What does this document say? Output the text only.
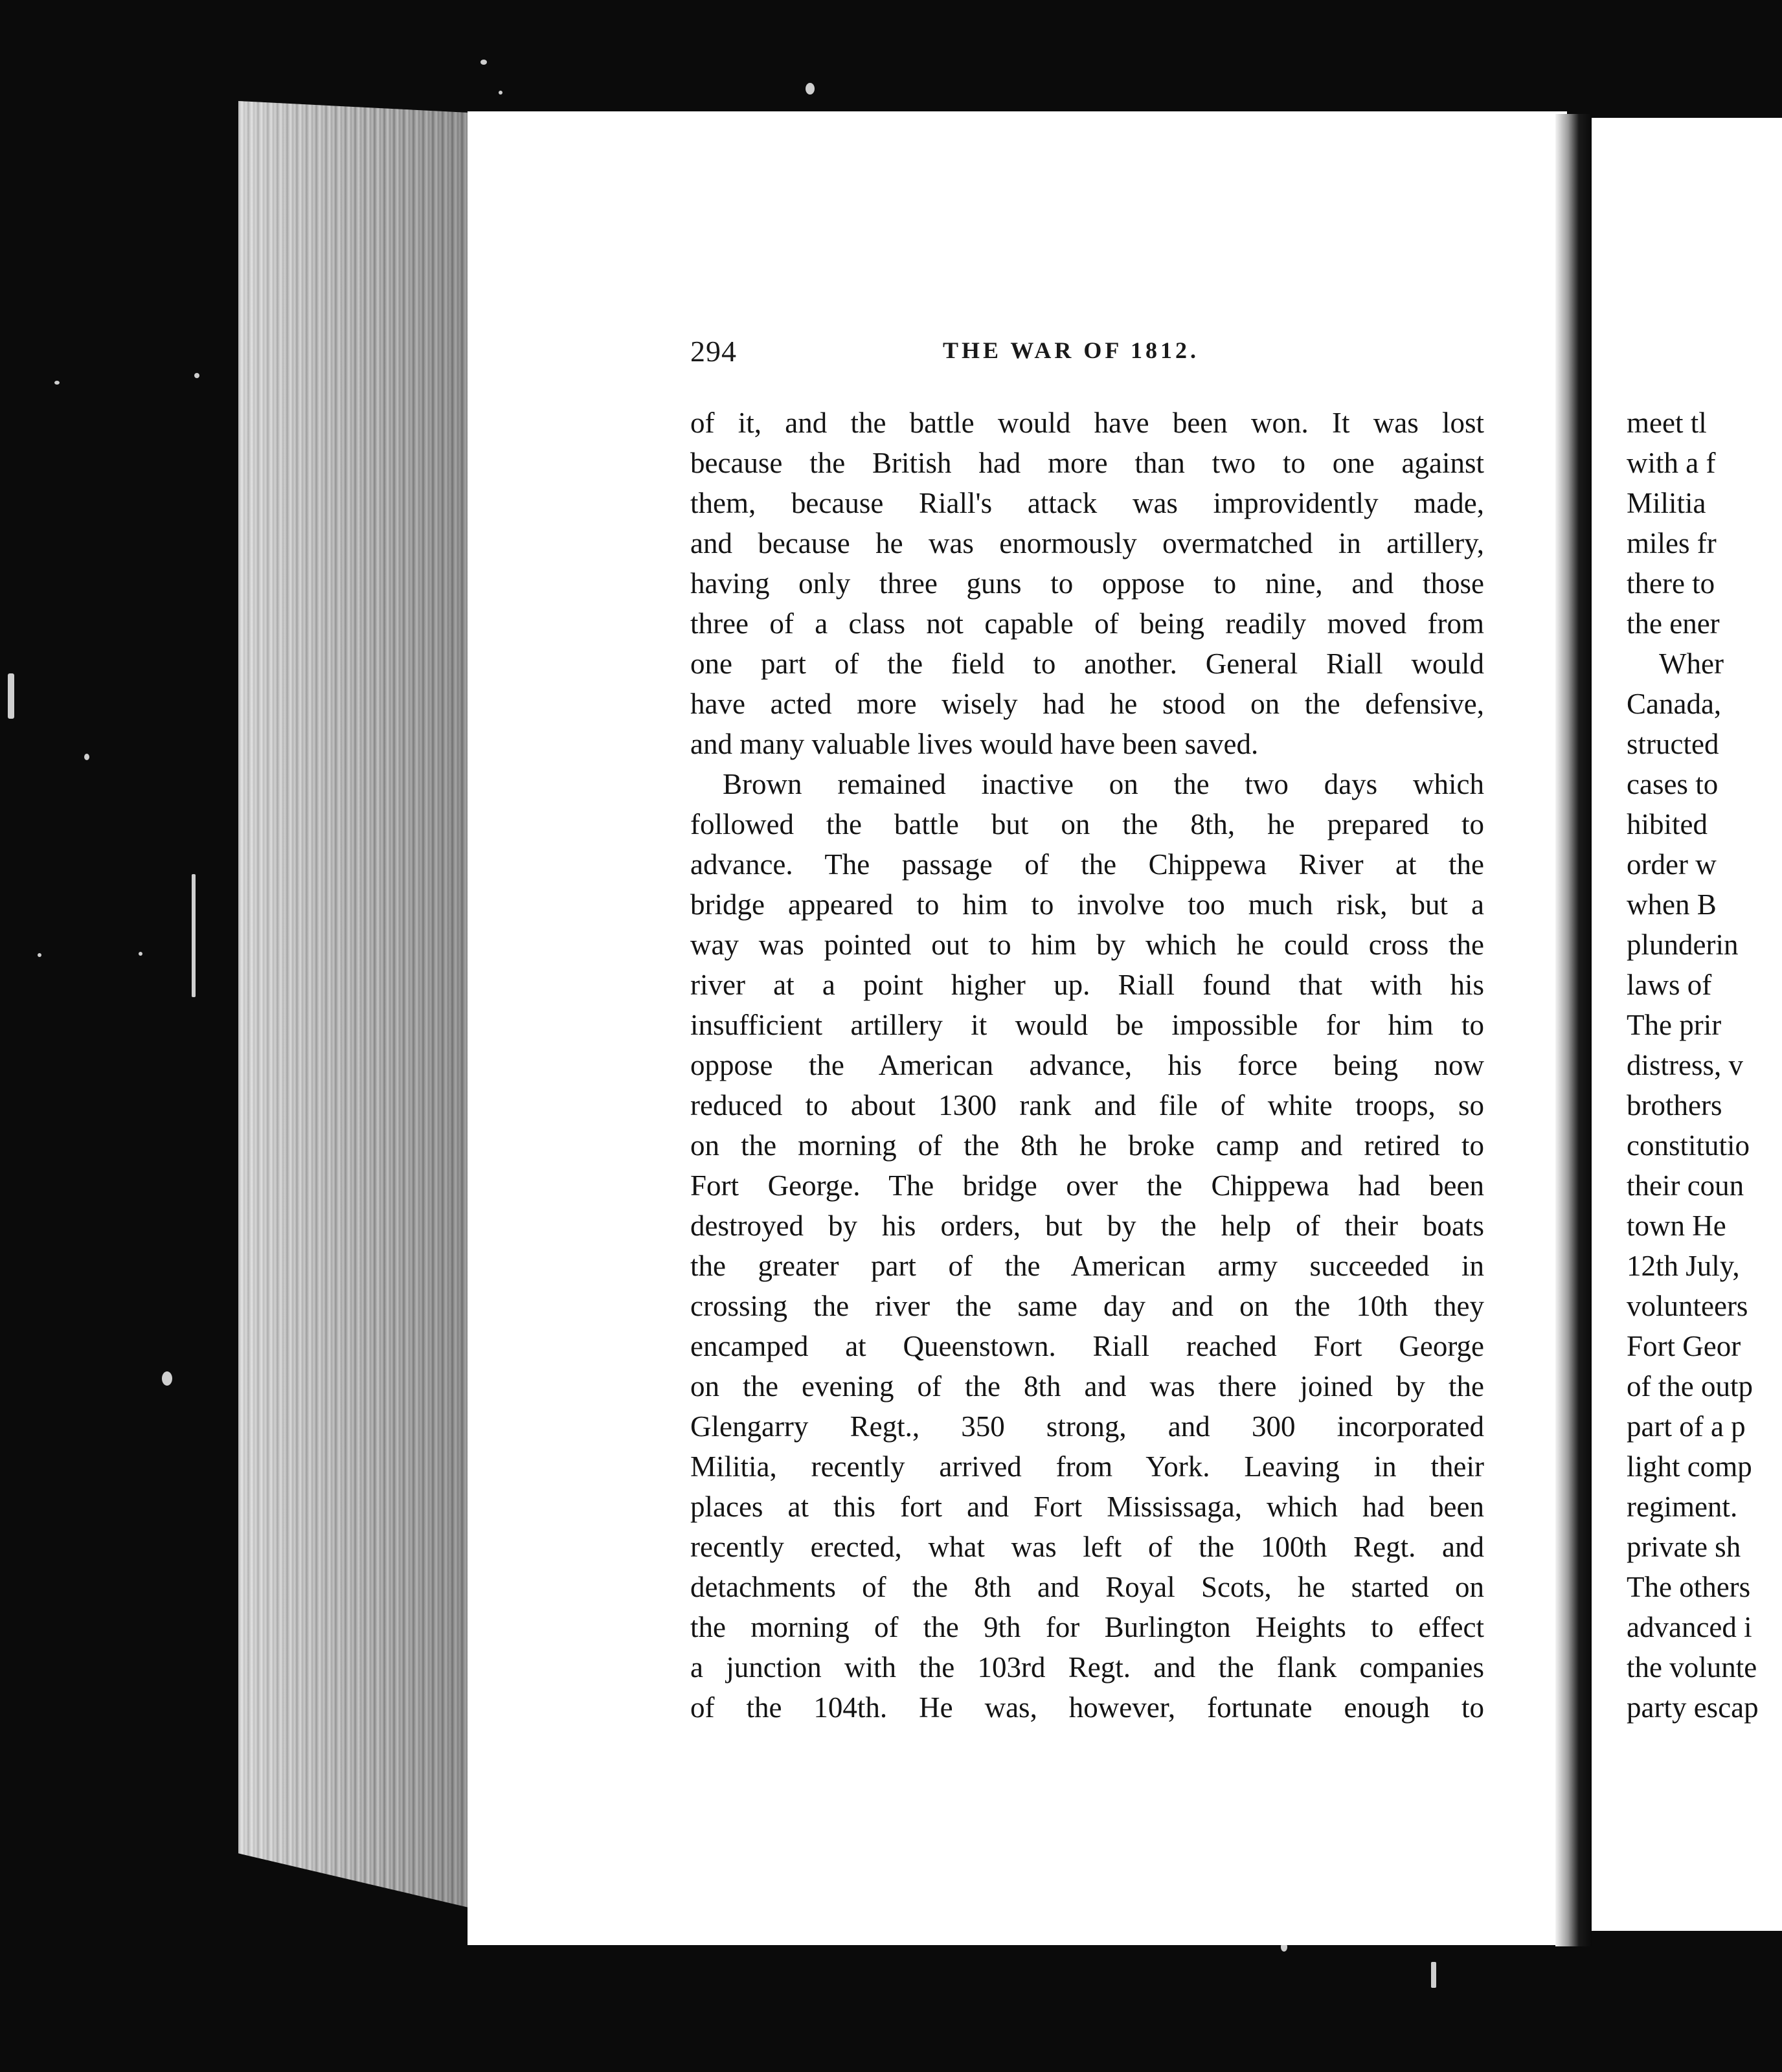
294	THE WAR OF 1812.
of it, and the battle would have been won. It was lost
because the British had more than two to one against
them, because Riall's attack was improvidently made,
and because he was enormously overmatched in artillery,
having only three guns to oppose to nine, and those
three of a class not capable of being readily moved from
one part of the field to another. General Riall would
have acted more wisely had he stood on the defensive,
and many valuable lives would have been saved.
Brown remained inactive on the two days which
followed the battle but on the 8th, he prepared to
advance. The passage of the Chippewa River at the
bridge appeared to him to involve too much risk, but a
way was pointed out to him by which he could cross the
river at a point higher up. Riall found that with his
insufficient artillery it would be impossible for him to
oppose the American advance, his force being now
reduced to about 1300 rank and file of white troops, so
on the morning of the 8th he broke camp and retired to
Fort George. The bridge over the Chippewa had been
destroyed by his orders, but by the help of their boats
the greater part of the American army succeeded in
crossing the river the same day and on the 10th they
encamped at Queenstown. Riall reached Fort George
on the evening of the 8th and was there joined by the
Glengarry Regt., 350 strong, and 300 incorporated
Militia, recently arrived from York. Leaving in their
places at this fort and Fort Mississaga, which had been
recently erected, what was left of the 100th Regt. and
detachments of the 8th and Royal Scots, he started on
the morning of the 9th for Burlington Heights to effect
a junction with the 103rd Regt. and the flank companies
of the 104th. He was, however, fortunate enough to
meet tl
with a f
Militia
miles fr
there to
the ener
Wher
Canada,
structed
cases to
hibited
order w
when B
plunderin
laws of
The prir
distress, v
brothers
constitutio
their coun
town He
12th July,
volunteers
Fort Geor
of the outp
part of a p
light comp
regiment.
private sh
The others
advanced i
the volunte
party escap
